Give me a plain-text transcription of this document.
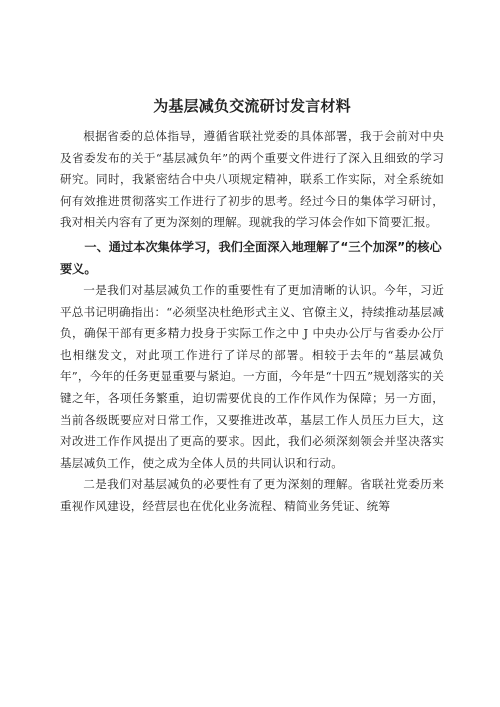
为基层减负交流研讨发言材料

根据省委的总体指导，遵循省联社党委的具体部署，我于会前对中央及省委发布的关于“基层减负年”的两个重要文件进行了深入且细致的学习研究。同时，我紧密结合中央八项规定精神，联系工作实际，对全系统如何有效推进贯彻落实工作进行了初步的思考。经过今日的集体学习研讨，我对相关内容有了更为深刻的理解。现就我的学习体会作如下简要汇报。

一、通过本次集体学习，我们全面深入地理解了“三个加深”的核心要义。

一是我们对基层减负工作的重要性有了更加清晰的认识。今年，习近平总书记明确指出：“必须坚决杜绝形式主义、官僚主义，持续推动基层减负，确保干部有更多精力投身于实际工作之中 J 中央办公厅与省委办公厅也相继发文，对此项工作进行了详尽的部署。相较于去年的“基层减负年”，今年的任务更显重要与紧迫。一方面，今年是“十四五”规划落实的关键之年，各项任务繁重，迫切需要优良的工作作风作为保障；另一方面，当前各级既要应对日常工作，又要推进改革，基层工作人员压力巨大，这对改进工作作风提出了更高的要求。因此，我们必须深刻领会并坚决落实基层减负工作，使之成为全体人员的共同认识和行动。

二是我们对基层减负的必要性有了更为深刻的理解。省联社党委历来重视作风建设，经营层也在优化业务流程、精简业务凭证、统筹
